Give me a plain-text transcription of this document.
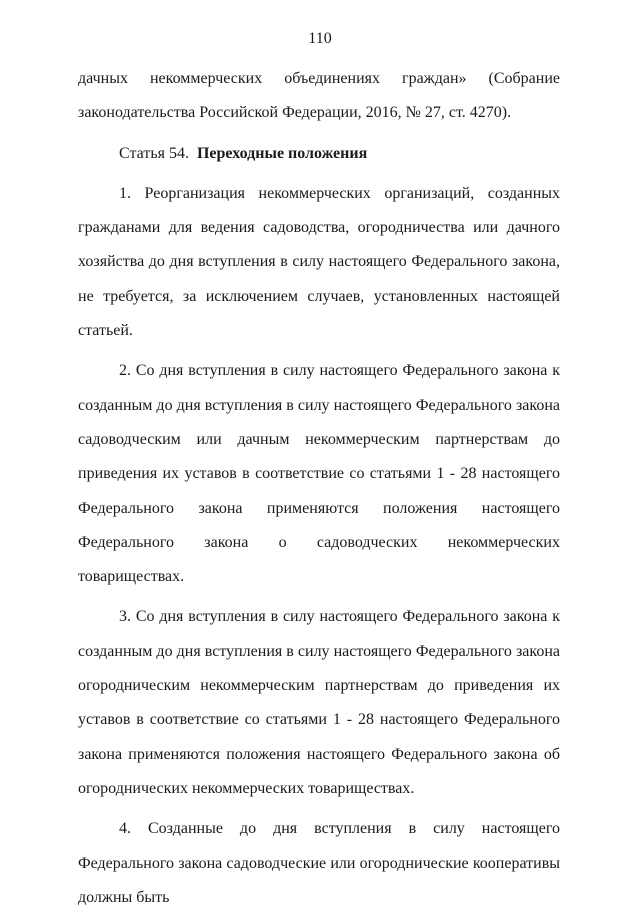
110

дачных некоммерческих объединениях граждан» (Собрание законодательства Российской Федерации, 2016, № 27, ст. 4270).

Статья 54. Переходные положения

1. Реорганизация некоммерческих организаций, созданных гражданами для ведения садоводства, огородничества или дачного хозяйства до дня вступления в силу настоящего Федерального закона, не требуется, за исключением случаев, установленных настоящей статьей.

2. Со дня вступления в силу настоящего Федерального закона к созданным до дня вступления в силу настоящего Федерального закона садоводческим или дачным некоммерческим партнерствам до приведения их уставов в соответствие со статьями 1 - 28 настоящего Федерального закона применяются положения настоящего Федерального закона о садоводческих некоммерческих товариществах.

3. Со дня вступления в силу настоящего Федерального закона к созданным до дня вступления в силу настоящего Федерального закона огородническим некоммерческим партнерствам до приведения их уставов в соответствие со статьями 1 - 28 настоящего Федерального закона применяются положения настоящего Федерального закона об огороднических некоммерческих товариществах.

4. Созданные до дня вступления в силу настоящего Федерального закона садоводческие или огороднические кооперативы должны быть
